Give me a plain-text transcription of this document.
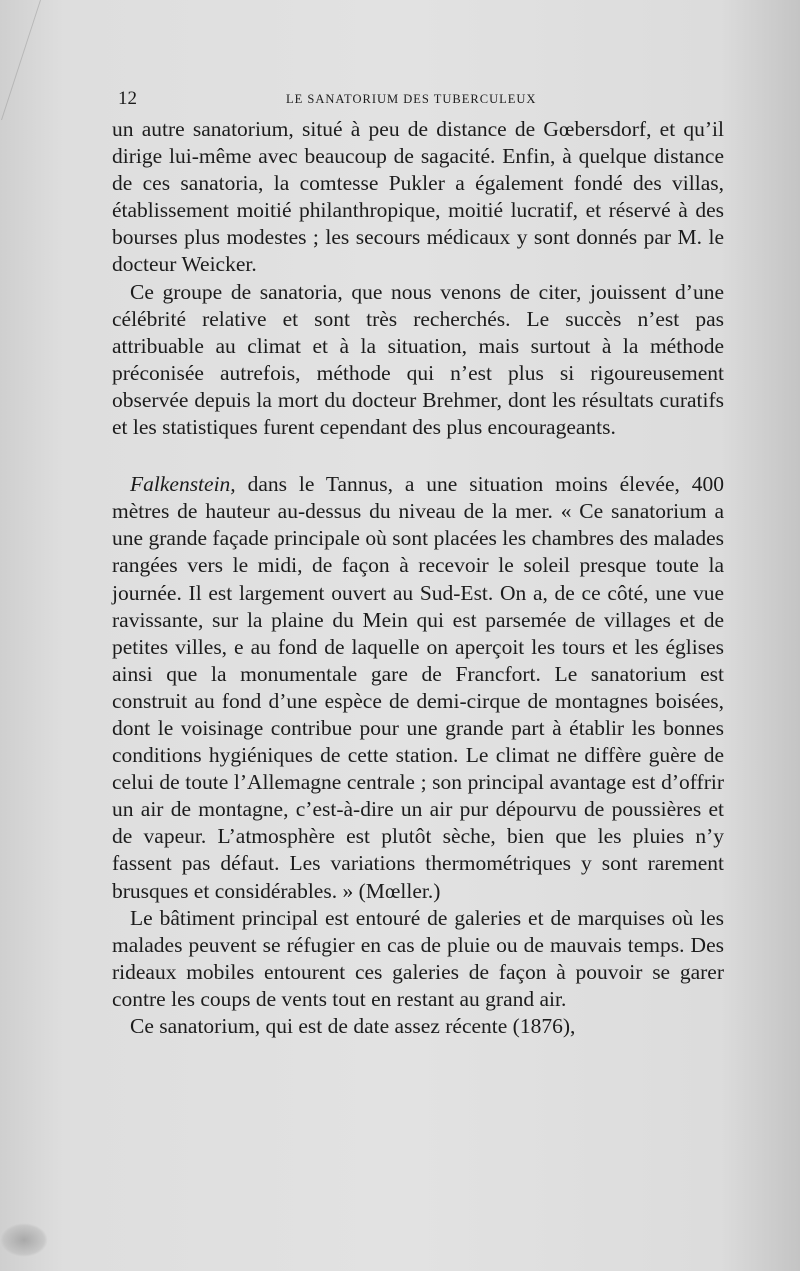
12	LE SANATORIUM DES TUBERCULEUX

un autre sanatorium, situé à peu de distance de Gœbersdorf, et qu’il dirige lui-même avec beaucoup de sagacité. Enfin, à quelque distance de ces sanatoria, la comtesse Pukler a également fondé des villas, établissement moitié philanthropique, moitié lucratif, et réservé à des bourses plus modestes ; les secours médicaux y sont donnés par M. le docteur Weicker.

Ce groupe de sanatoria, que nous venons de citer, jouissent d’une célébrité relative et sont très recherchés. Le succès n’est pas attribuable au climat et à la situation, mais surtout à la méthode préconisée autrefois, méthode qui n’est plus si rigoureusement observée depuis la mort du docteur Brehmer, dont les résultats curatifs et les statistiques furent cependant des plus encourageants.

Falkenstein, dans le Tannus, a une situation moins élevée, 400 mètres de hauteur au-dessus du niveau de la mer. « Ce sanatorium a une grande façade principale où sont placées les chambres des malades rangées vers le midi, de façon à recevoir le soleil presque toute la journée. Il est largement ouvert au Sud-Est. On a, de ce côté, une vue ravissante, sur la plaine du Mein qui est parsemée de villages et de petites villes, e au fond de laquelle on aperçoit les tours et les églises ainsi que la monumentale gare de Francfort. Le sanatorium est construit au fond d’une espèce de demi-cirque de montagnes boisées, dont le voisinage contribue pour une grande part à établir les bonnes conditions hygiéniques de cette station. Le climat ne diffère guère de celui de toute l’Allemagne centrale ; son principal avantage est d’offrir un air de montagne, c’est-à-dire un air pur dépourvu de poussières et de vapeur. L’atmosphère est plutôt sèche, bien que les pluies n’y fassent pas défaut. Les variations thermométriques y sont rarement brusques et considérables. » (Mœller.)

Le bâtiment principal est entouré de galeries et de marquises où les malades peuvent se réfugier en cas de pluie ou de mauvais temps. Des rideaux mobiles entourent ces galeries de façon à pouvoir se garer contre les coups de vents tout en restant au grand air.

Ce sanatorium, qui est de date assez récente (1876),
